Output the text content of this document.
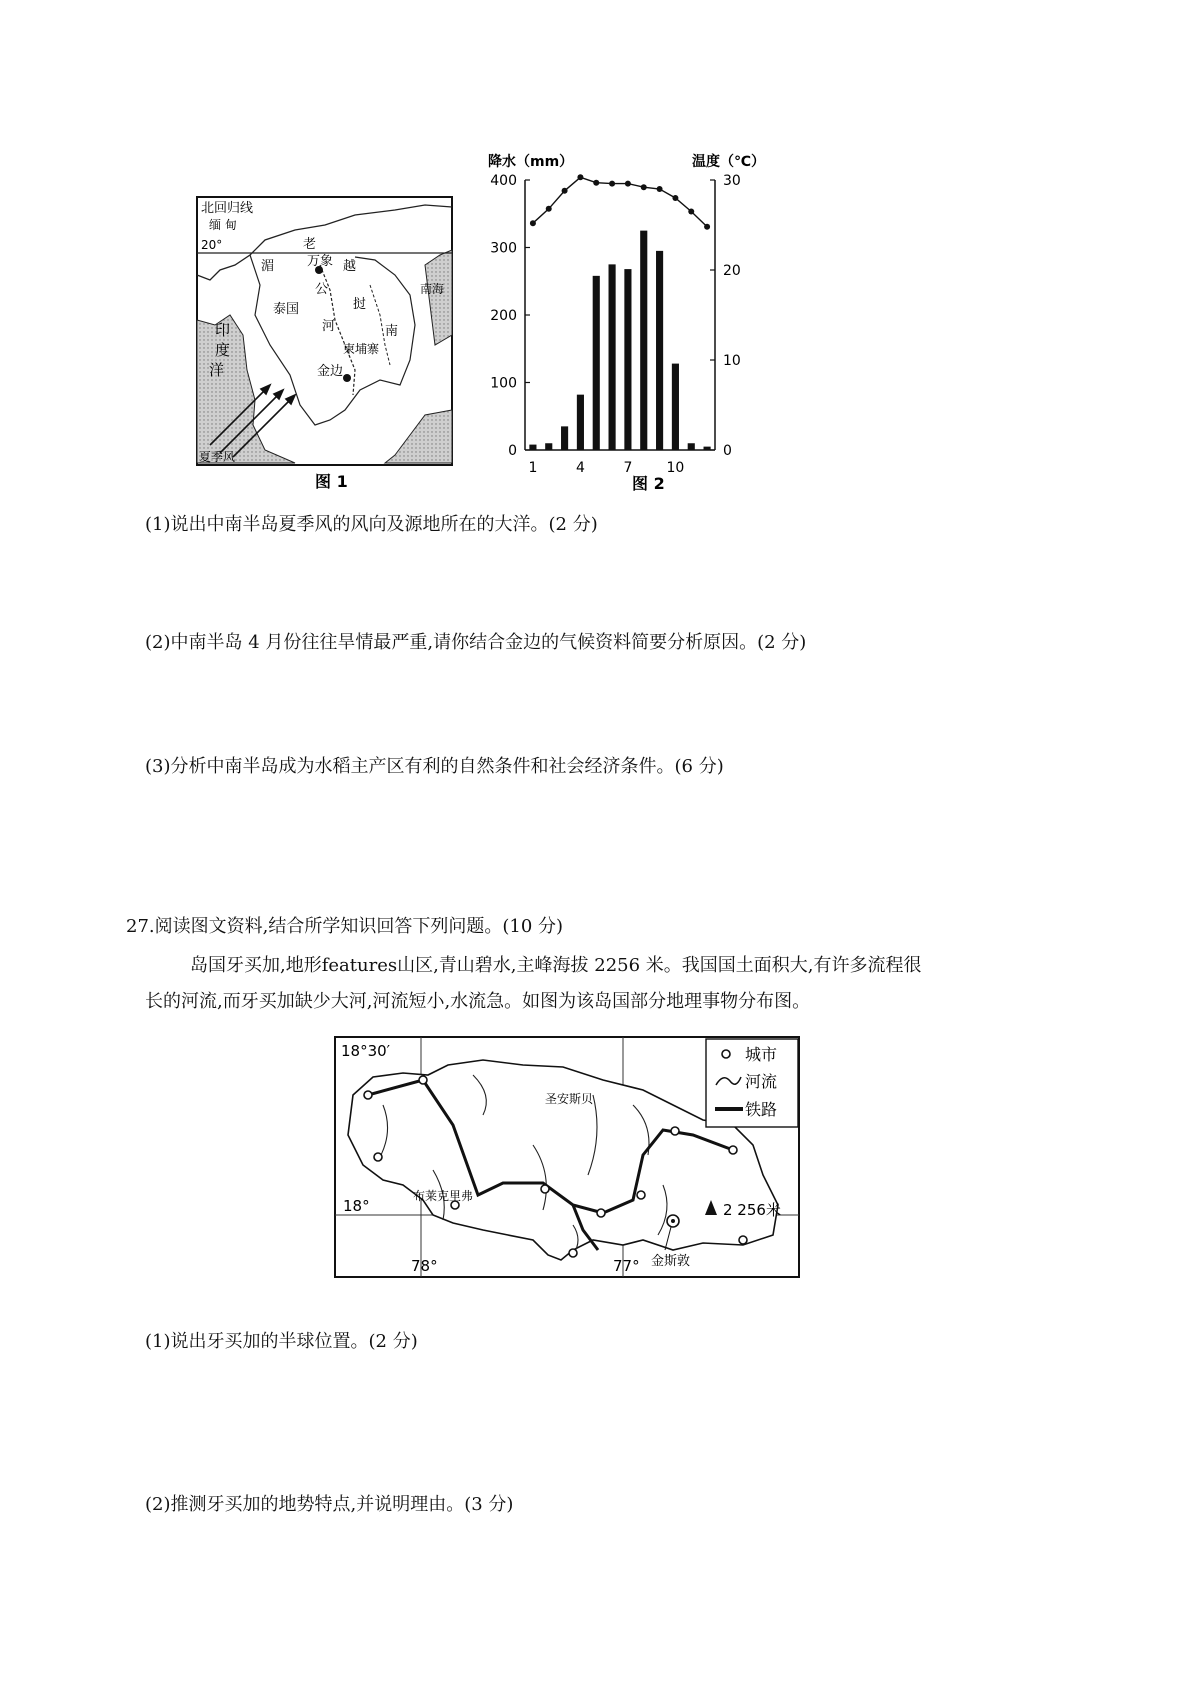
北回归线
缅 甸
20°	老
湄	万象 越
公
泰国	挝
河	南
南海
印
度
洋
柬埔寨
金边
夏季风
图 1
降水（mm）	温度（℃）
0
100
200
300
400
0
10
20
30
1	4	7 10
图 2
(1)说出中南半岛夏季风的风向及源地所在的大洋。(2 分)
(2)中南半岛 4 月份往往旱情最严重,请你结合金边的气候资料简要分析原因。(2 分)
(3)分析中南半岛成为水稻主产区有利的自然条件和社会经济条件。(6 分)
27.阅读图文资料,结合所学知识回答下列问题。(10 分)
岛国牙买加,地形features山区,青山碧水,主峰海拔 2256 米。我国国土面积大,有许多流程很
长的河流,而牙买加缺少大河,河流短小,水流急。如图为该岛国部分地理事物分布图。
城市
河流
铁路
18°30′
18°
78°	77°
圣安斯贝
布莱克里弗
金斯敦
2 256米
(1)说出牙买加的半球位置。(2 分)
(2)推测牙买加的地势特点,并说明理由。(3 分)
